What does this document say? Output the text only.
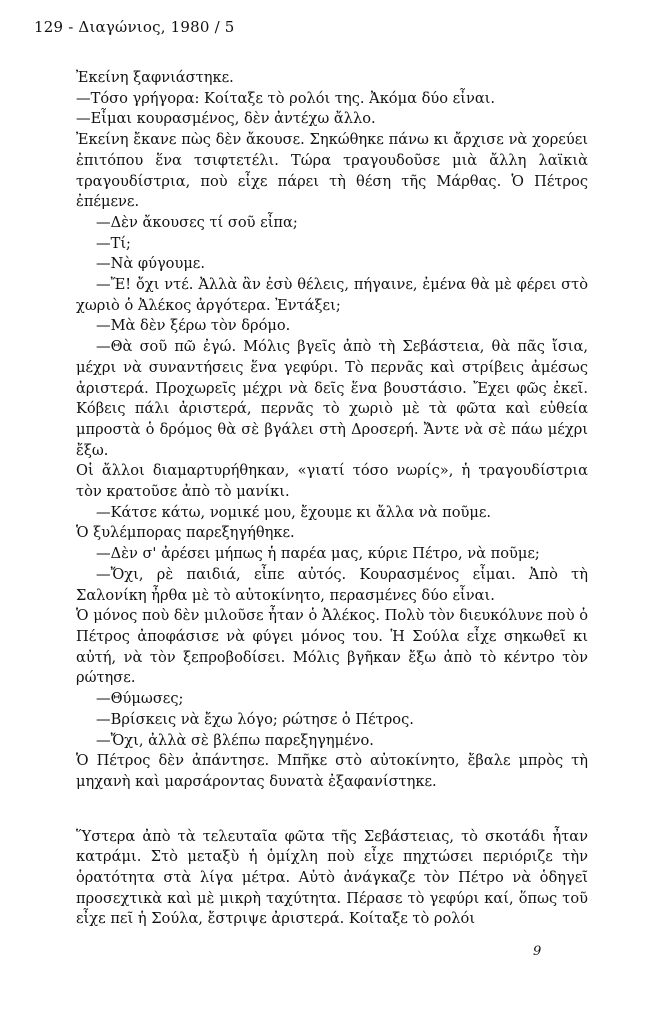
129 - Διαγώνιος, 1980 / 5

Ἐκείνη ξαφνιάστηκε.

—Τόσο γρήγορα: Κοίταξε τὸ ρολόι της. Ἀκόμα δύο εἶναι.

—Εἶμαι κουρασμένος, δὲν ἀντέχω ἄλλο.

Ἐκείνη ἔκανε πὼς δὲν ἄκουσε. Σηκώθηκε πάνω κι ἄρχισε νὰ χορεύει ἐπιτόπου ἕνα τσιφτετέλι. Τώρα τραγουδοῦσε μιὰ ἄλλη λαϊκιὰ τραγουδίστρια, ποὺ εἶχε πάρει τὴ θέση τῆς Μάρθας. Ὁ Πέτρος ἐπέμενε.

—Δὲν ἄκουσες τί σοῦ εἶπα;

—Τί;

—Νὰ φύγουμε.

—Ἔ! ὄχι ντέ. Ἀλλὰ ἂν ἐσὺ θέλεις, πήγαινε, ἐμένα θὰ μὲ φέρει στὸ χωριὸ ὁ Ἀλέκος ἀργότερα. Ἐντάξει;

—Μὰ δὲν ξέρω τὸν δρόμο.

—Θὰ σοῦ πῶ ἐγώ. Μόλις βγεῖς ἀπὸ τὴ Σεβάστεια, θὰ πᾶς ἴσια, μέχρι νὰ συναντήσεις ἕνα γεφύρι. Τὸ περνᾶς καὶ στρίβεις ἀμέσως ἀριστερά. Προχωρεῖς μέχρι νὰ δεῖς ἕνα βουστάσιο. Ἔχει φῶς ἐκεῖ. Κόβεις πάλι ἀριστερά, περνᾶς τὸ χωριὸ μὲ τὰ φῶτα καὶ εὐθεία μπροστὰ ὁ δρόμος θὰ σὲ βγάλει στὴ Δροσερή. Ἄντε νὰ σὲ πάω μέχρι ἔξω.

Οἱ ἄλλοι διαμαρτυρήθηκαν, «γιατί τόσο νωρίς», ἡ τραγουδίστρια τὸν κρατοῦσε ἀπὸ τὸ μανίκι.

—Κάτσε κάτω, νομικέ μου, ἔχουμε κι ἄλλα νὰ ποῦμε.

Ὁ ξυλέμπορας παρεξηγήθηκε.

—Δὲν σ' ἀρέσει μήπως ἡ παρέα μας, κύριε Πέτρο, νὰ ποῦμε;

—Ὄχι, ρὲ παιδιά, εἶπε αὐτός. Κουρασμένος εἶμαι. Ἀπὸ τὴ Σαλονίκη ἦρθα μὲ τὸ αὐτοκίνητο, περασμένες δύο εἶναι.

Ὁ μόνος ποὺ δὲν μιλοῦσε ἦταν ὁ Ἀλέκος. Πολὺ τὸν διευκόλυνε ποὺ ὁ Πέτρος ἀποφάσισε νὰ φύγει μόνος του. Ἡ Σούλα εἶχε σηκωθεῖ κι αὐτή, νὰ τὸν ξεπροβοδίσει. Μόλις βγῆκαν ἔξω ἀπὸ τὸ κέντρο τὸν ρώτησε.

—Θύμωσες;

—Βρίσκεις νὰ ἔχω λόγο; ρώτησε ὁ Πέτρος.

—Ὄχι, ἀλλὰ σὲ βλέπω παρεξηγημένο.

Ὁ Πέτρος δὲν ἀπάντησε. Μπῆκε στὸ αὐτοκίνητο, ἔβαλε μπρὸς τὴ μηχανὴ καὶ μαρσάροντας δυνατὰ ἐξαφανίστηκε.

Ὕστερα ἀπὸ τὰ τελευταῖα φῶτα τῆς Σεβάστειας, τὸ σκοτάδι ἦταν κατράμι. Στὸ μεταξὺ ἡ ὁμίχλη ποὺ εἶχε πηχτώσει περιόριζε τὴν ὁρατότητα στὰ λίγα μέτρα. Αὐτὸ ἀνάγκαζε τὸν Πέτρο νὰ ὁδηγεῖ προσεχτικὰ καὶ μὲ μικρὴ ταχύτητα. Πέρασε τὸ γεφύρι καί, ὅπως τοῦ εἶχε πεῖ ἡ Σούλα, ἔστριψε ἀριστερά. Κοίταξε τὸ ρολόι

9
